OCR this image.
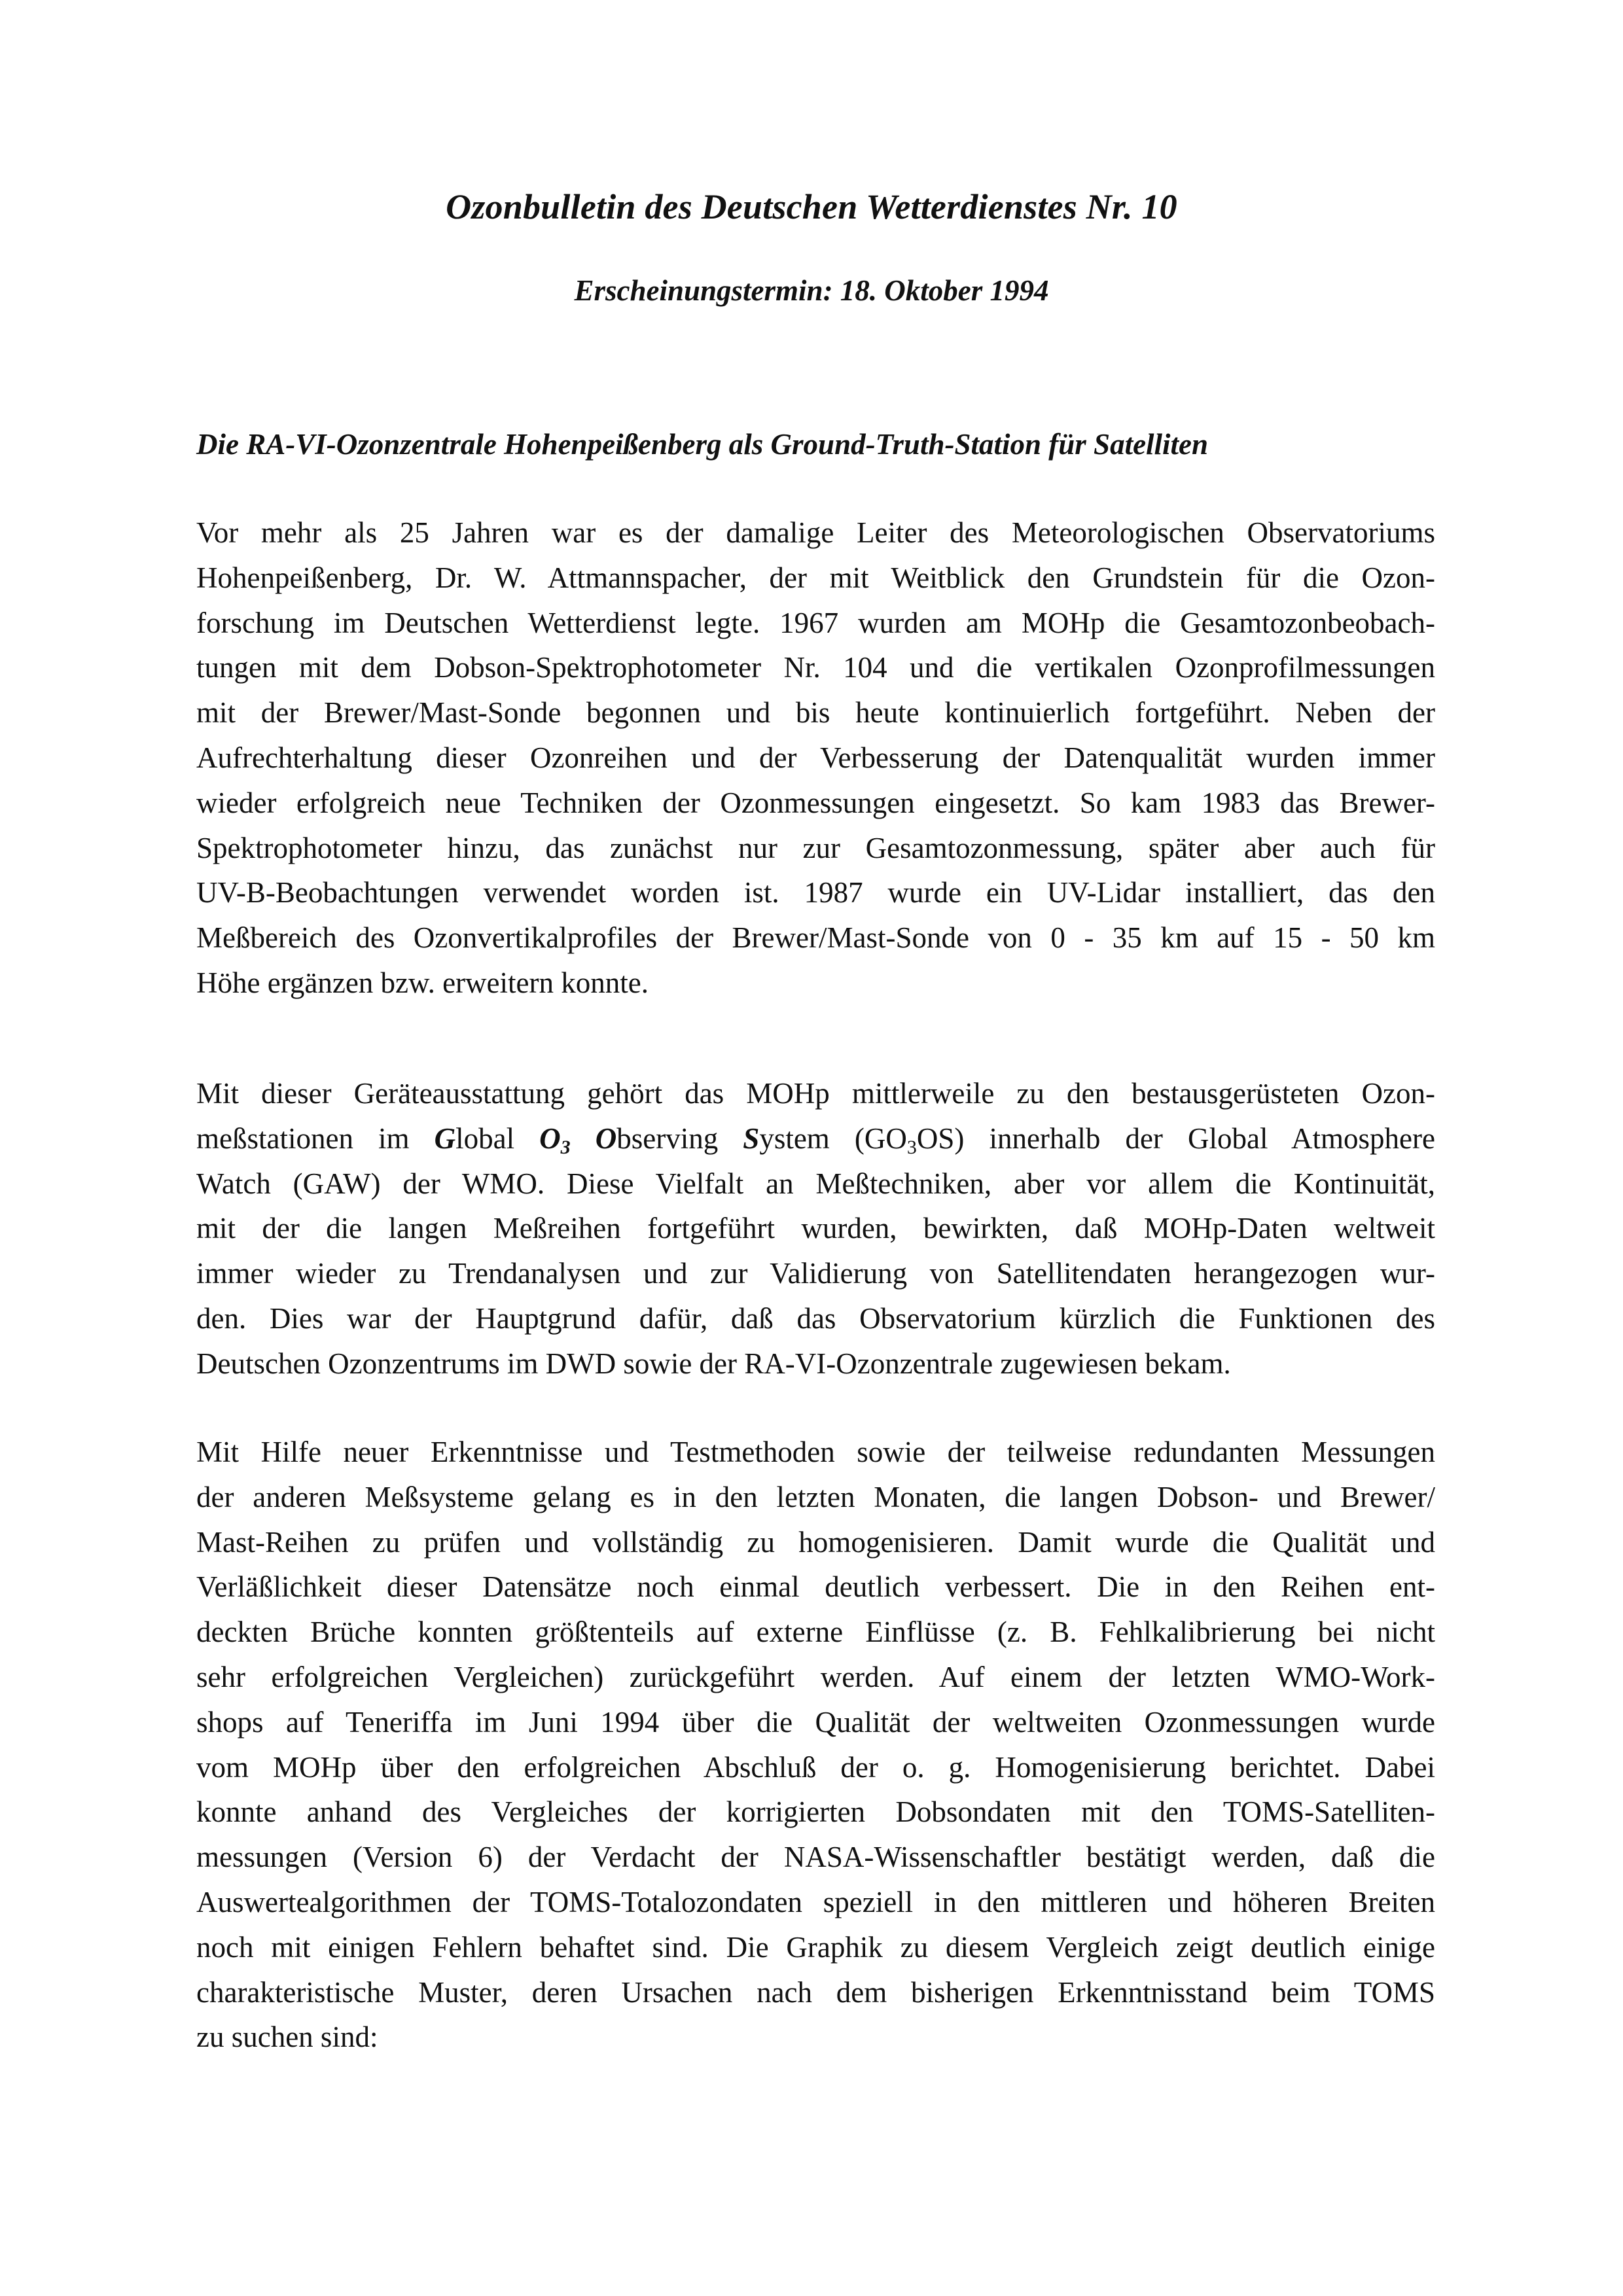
Ozonbulletin des Deutschen Wetterdienstes Nr. 10
Erscheinungstermin: 18. Oktober 1994
Die RA-VI-Ozonzentrale Hohenpeißenberg als Ground-Truth-Station für Satelliten
Vor mehr als 25 Jahren war es der damalige Leiter des Meteorologischen Observatoriums
Hohenpeißenberg, Dr. W. Attmannspacher, der mit Weitblick den Grundstein für die Ozon-
forschung im Deutschen Wetterdienst legte. 1967 wurden am MOHp die Gesamtozonbeobach-
tungen mit dem Dobson-Spektrophotometer Nr. 104 und die vertikalen Ozonprofilmessungen
mit der Brewer/Mast-Sonde begonnen und bis heute kontinuierlich fortgeführt. Neben der
Aufrechterhaltung dieser Ozonreihen und der Verbesserung der Datenqualität wurden immer
wieder erfolgreich neue Techniken der Ozonmessungen eingesetzt. So kam 1983 das Brewer-
Spektrophotometer hinzu, das zunächst nur zur Gesamtozonmessung, später aber auch für
UV-B-Beobachtungen verwendet worden ist. 1987 wurde ein UV-Lidar installiert, das den
Meßbereich des Ozonvertikalprofiles der Brewer/Mast-Sonde von 0 - 35 km auf 15 - 50 km
Höhe ergänzen bzw. erweitern konnte.
Mit dieser Geräteausstattung gehört das MOHp mittlerweile zu den bestausgerüsteten Ozon-
meßstationen im Global $O_3$ Observing System $(GO_3OS)$ innerhalb der Global Atmosphere
Watch (GAW) der WMO. Diese Vielfalt an Meßtechniken, aber vor allem die Kontinuität,
mit der die langen Meßreihen fortgeführt wurden, bewirkten, daß MOHp-Daten weltweit
immer wieder zu Trendanalysen und zur Validierung von Satellitendaten herangezogen wur-
den. Dies war der Hauptgrund dafür, daß das Observatorium kürzlich die Funktionen des
Deutschen Ozonzentrums im DWD sowie der RA-VI-Ozonzentrale zugewiesen bekam.
Mit Hilfe neuer Erkenntnisse und Testmethoden sowie der teilweise redundanten Messungen
der anderen Meßsysteme gelang es in den letzten Monaten, die langen Dobson- und Brewer/
Mast-Reihen zu prüfen und vollständig zu homogenisieren. Damit wurde die Qualität und
Verläßlichkeit dieser Datensätze noch einmal deutlich verbessert. Die in den Reihen ent-
deckten Brüche konnten größtenteils auf externe Einflüsse (z. B. Fehlkalibrierung bei nicht
sehr erfolgreichen Vergleichen) zurückgeführt werden. Auf einem der letzten WMO-Work-
shops auf Teneriffa im Juni 1994 über die Qualität der weltweiten Ozonmessungen wurde
vom MOHp über den erfolgreichen Abschluß der o. g. Homogenisierung berichtet. Dabei
konnte anhand des Vergleiches der korrigierten Dobsondaten mit den TOMS-Satelliten-
messungen (Version 6) der Verdacht der NASA-Wissenschaftler bestätigt werden, daß die
Auswertealgorithmen der TOMS-Totalozondaten speziell in den mittleren und höheren Breiten
noch mit einigen Fehlern behaftet sind. Die Graphik zu diesem Vergleich zeigt deutlich einige
charakteristische Muster, deren Ursachen nach dem bisherigen Erkenntnisstand beim TOMS
zu suchen sind:
